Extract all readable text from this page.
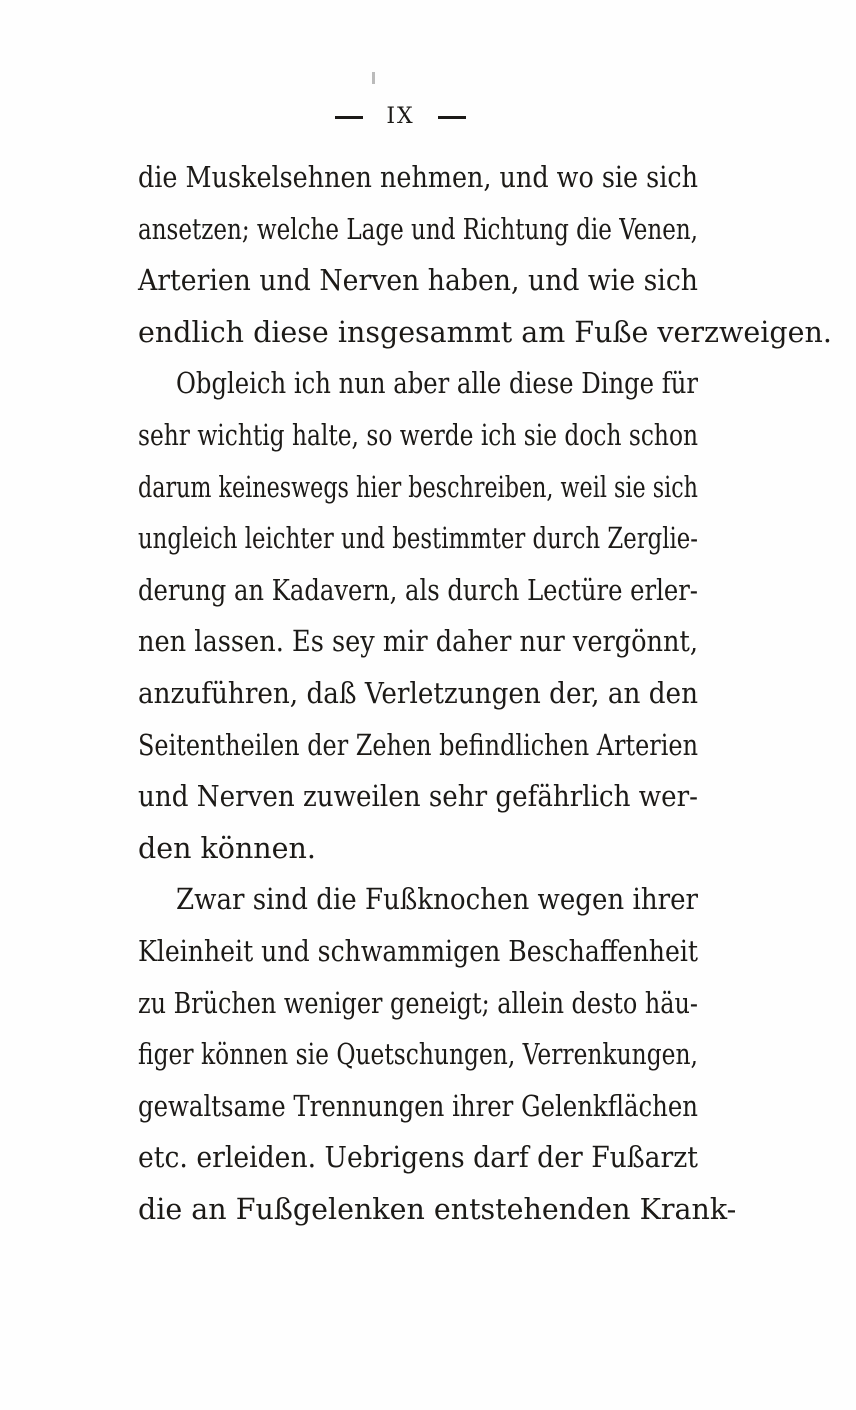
IX
die Muskelsehnen nehmen, und wo sie sich
ansetzen; welche Lage und Richtung die Venen,
Arterien und Nerven haben, und wie sich
endlich diese insgesammt am Fuße verzweigen.
Obgleich ich nun aber alle diese Dinge für
sehr wichtig halte, so werde ich sie doch schon
darum keineswegs hier beschreiben, weil sie sich
ungleich leichter und bestimmter durch Zerglie-
derung an Kadavern, als durch Lectüre erler-
nen lassen. Es sey mir daher nur vergönnt,
anzuführen, daß Verletzungen der, an den
Seitentheilen der Zehen befindlichen Arterien
und Nerven zuweilen sehr gefährlich wer-
den können.
Zwar sind die Fußknochen wegen ihrer
Kleinheit und schwammigen Beschaffenheit
zu Brüchen weniger geneigt; allein desto häu-
figer können sie Quetschungen, Verrenkungen,
gewaltsame Trennungen ihrer Gelenkflächen
etc. erleiden. Uebrigens darf der Fußarzt
die an Fußgelenken entstehenden Krank-
